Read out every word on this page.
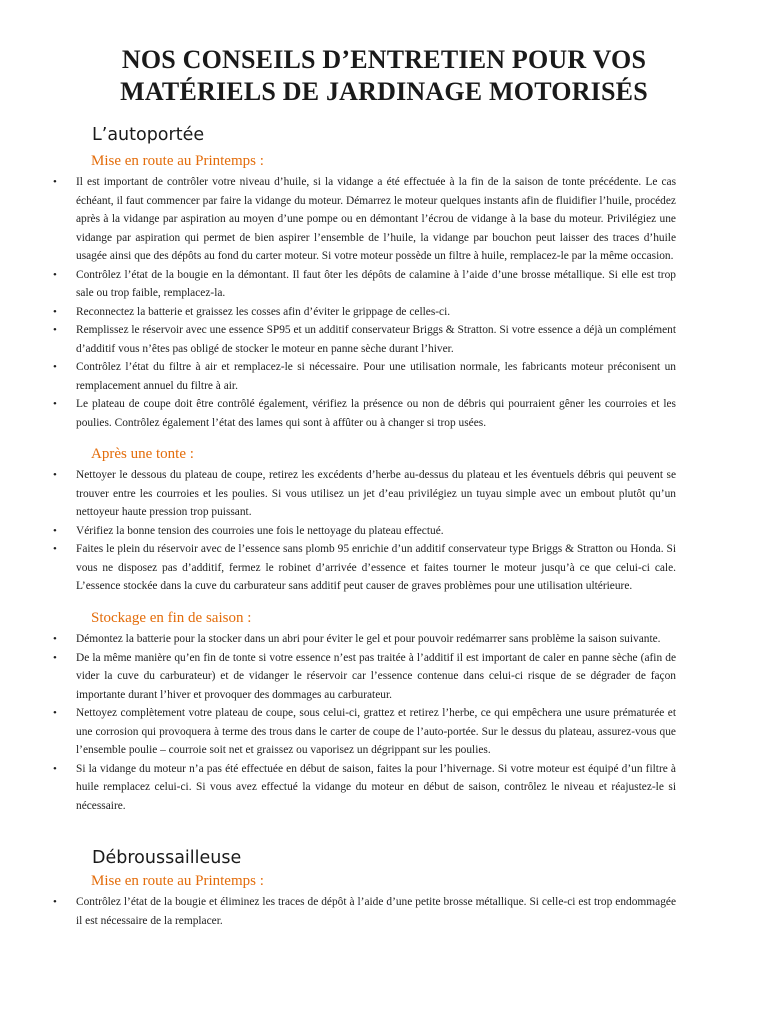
NOS CONSEILS D’ENTRETIEN POUR VOS
MATÉRIELS DE JARDINAGE MOTORISÉS
L’autoportée
Mise en route au Printemps :
• Il est important de contrôler votre niveau d’huile, si la vidange a été effectuée à la fin de la saison de tonte précédente. Le cas échéant, il faut commencer par faire la vidange du moteur. Démarrez le moteur quelques instants afin de fluidifier l’huile, procédez après à la vidange par aspiration au moyen d’une pompe ou en démontant l’écrou de vidange à la base du moteur. Privilégiez une vidange par aspiration qui permet de bien aspirer l’ensemble de l’huile, la vidange par bouchon peut laisser des traces d’huile usagée ainsi que des dépôts au fond du carter moteur. Si votre moteur possède un filtre à huile, remplacez-le par la même occasion.
• Contrôlez l’état de la bougie en la démontant. Il faut ôter les dépôts de calamine à l’aide d’une brosse métallique. Si elle est trop sale ou trop faible, remplacez-la.
• Reconnectez la batterie et graissez les cosses afin d’éviter le grippage de celles-ci.
• Remplissez le réservoir avec une essence SP95 et un additif conservateur Briggs & Stratton. Si votre essence a déjà un complément d’additif vous n’êtes pas obligé de stocker le moteur en panne sèche durant l’hiver.
• Contrôlez l’état du filtre à air et remplacez-le si nécessaire. Pour une utilisation normale, les fabricants moteur préconisent un remplacement annuel du filtre à air.
• Le plateau de coupe doit être contrôlé également, vérifiez la présence ou non de débris qui pourraient gêner les courroies et les poulies. Contrôlez également l’état des lames qui sont à affûter ou à changer si trop usées.
Après une tonte :
• Nettoyer le dessous du plateau de coupe, retirez les excédents d’herbe au-dessus du plateau et les éventuels débris qui peuvent se trouver entre les courroies et les poulies. Si vous utilisez un jet d’eau privilégiez un tuyau simple avec un embout plutôt qu’un nettoyeur haute pression trop puissant.
• Vérifiez la bonne tension des courroies une fois le nettoyage du plateau effectué.
• Faites le plein du réservoir avec de l’essence sans plomb 95 enrichie d’un additif conservateur type Briggs & Stratton ou Honda. Si vous ne disposez pas d’additif, fermez le robinet d’arrivée d’essence et faites tourner le moteur jusqu’à ce que celui-ci cale. L’essence stockée dans la cuve du carburateur sans additif peut causer de graves problèmes pour une utilisation ultérieure.
Stockage en fin de saison :
• Démontez la batterie pour la stocker dans un abri pour éviter le gel et pour pouvoir redémarrer sans problème la saison suivante.
• De la même manière qu’en fin de tonte si votre essence n’est pas traitée à l’additif il est important de caler en panne sèche (afin de vider la cuve du carburateur) et de vidanger le réservoir car l’essence contenue dans celui-ci risque de se dégrader de façon importante durant l’hiver et provoquer des dommages au carburateur.
• Nettoyez complètement votre plateau de coupe, sous celui-ci, grattez et retirez l’herbe, ce qui empêchera une usure prématurée et une corrosion qui provoquera à terme des trous dans le carter de coupe de l’auto-portée. Sur le dessus du plateau, assurez-vous que l’ensemble poulie – courroie soit net et graissez ou vaporisez un dégrippant sur les poulies.
• Si la vidange du moteur n’a pas été effectuée en début de saison, faites la pour l’hivernage. Si votre moteur est équipé d’un filtre à huile remplacez celui-ci. Si vous avez effectué la vidange du moteur en début de saison, contrôlez le niveau et réajustez-le si nécessaire.
Débroussailleuse
Mise en route au Printemps :
• Contrôlez l’état de la bougie et éliminez les traces de dépôt à l’aide d’une petite brosse métallique. Si celle-ci est trop endommagée il est nécessaire de la remplacer.
